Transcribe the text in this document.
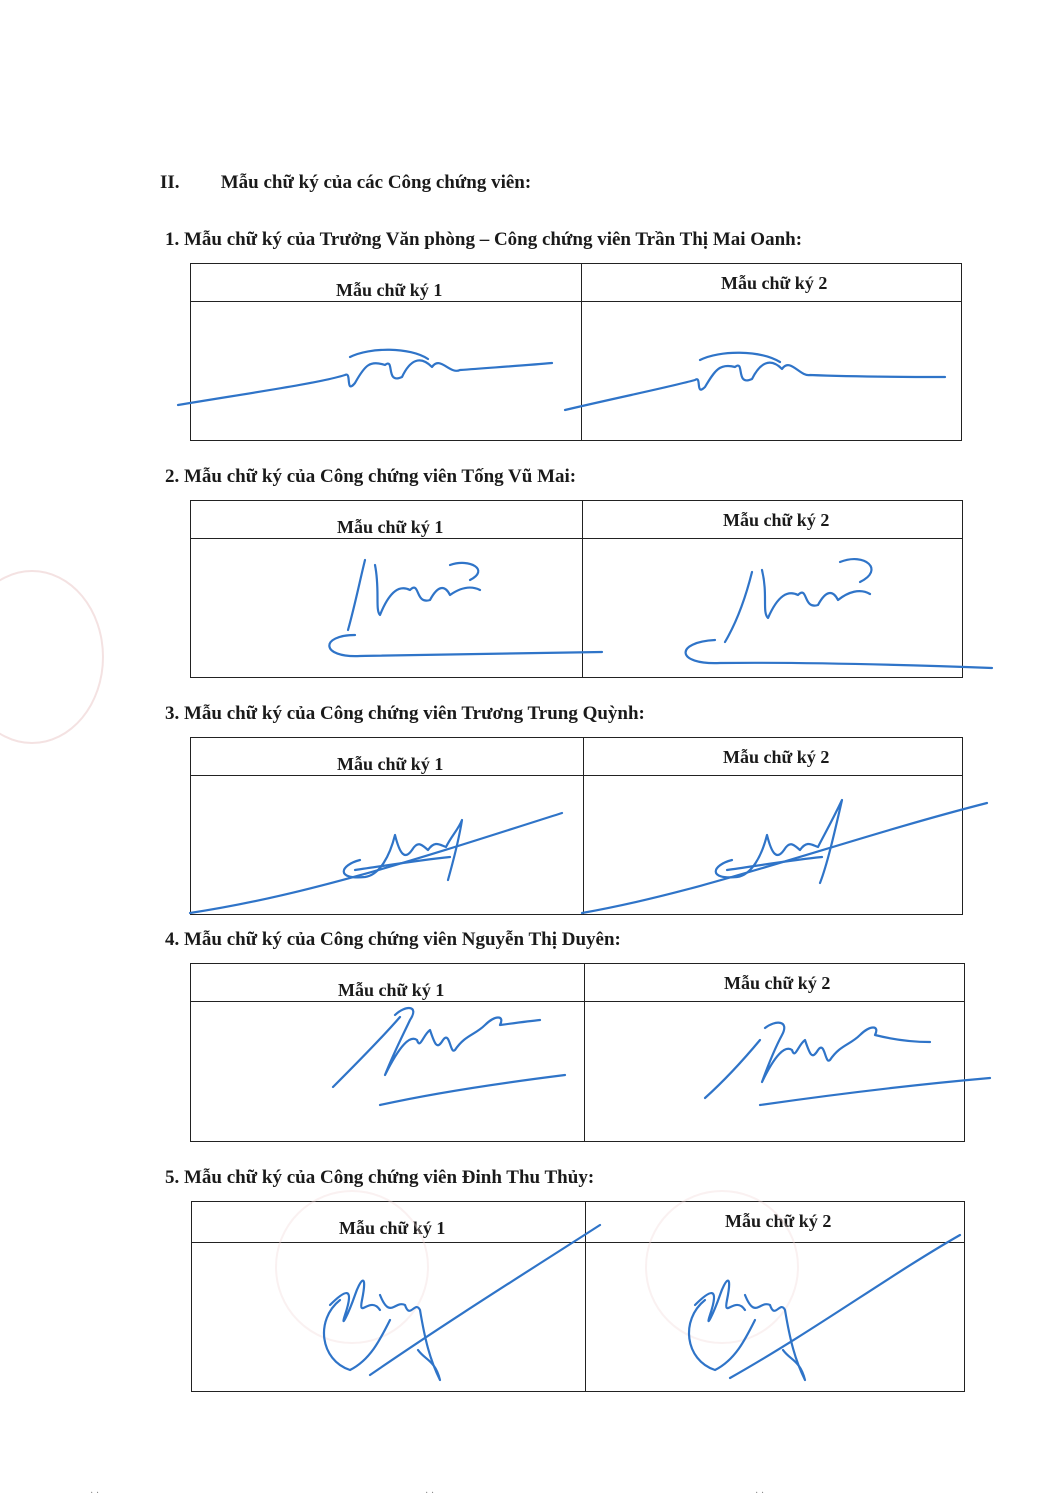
II. Mẫu chữ ký của các Công chứng viên:
1. Mẫu chữ ký của Trưởng Văn phòng – Công chứng viên Trần Thị Mai Oanh:
Mẫu chữ ký 1	Mẫu chữ ký 2
2. Mẫu chữ ký của Công chứng viên Tống Vũ Mai:
Mẫu chữ ký 1	Mẫu chữ ký 2
3. Mẫu chữ ký của Công chứng viên Trương Trung Quỳnh:
Mẫu chữ ký 1	Mẫu chữ ký 2
4. Mẫu chữ ký của Công chứng viên Nguyễn Thị Duyên:
Mẫu chữ ký 1	Mẫu chữ ký 2
5. Mẫu chữ ký của Công chứng viên Đinh Thu Thủy:
Mẫu chữ ký 1	Mẫu chữ ký 2
· ·	· ·	· ·
